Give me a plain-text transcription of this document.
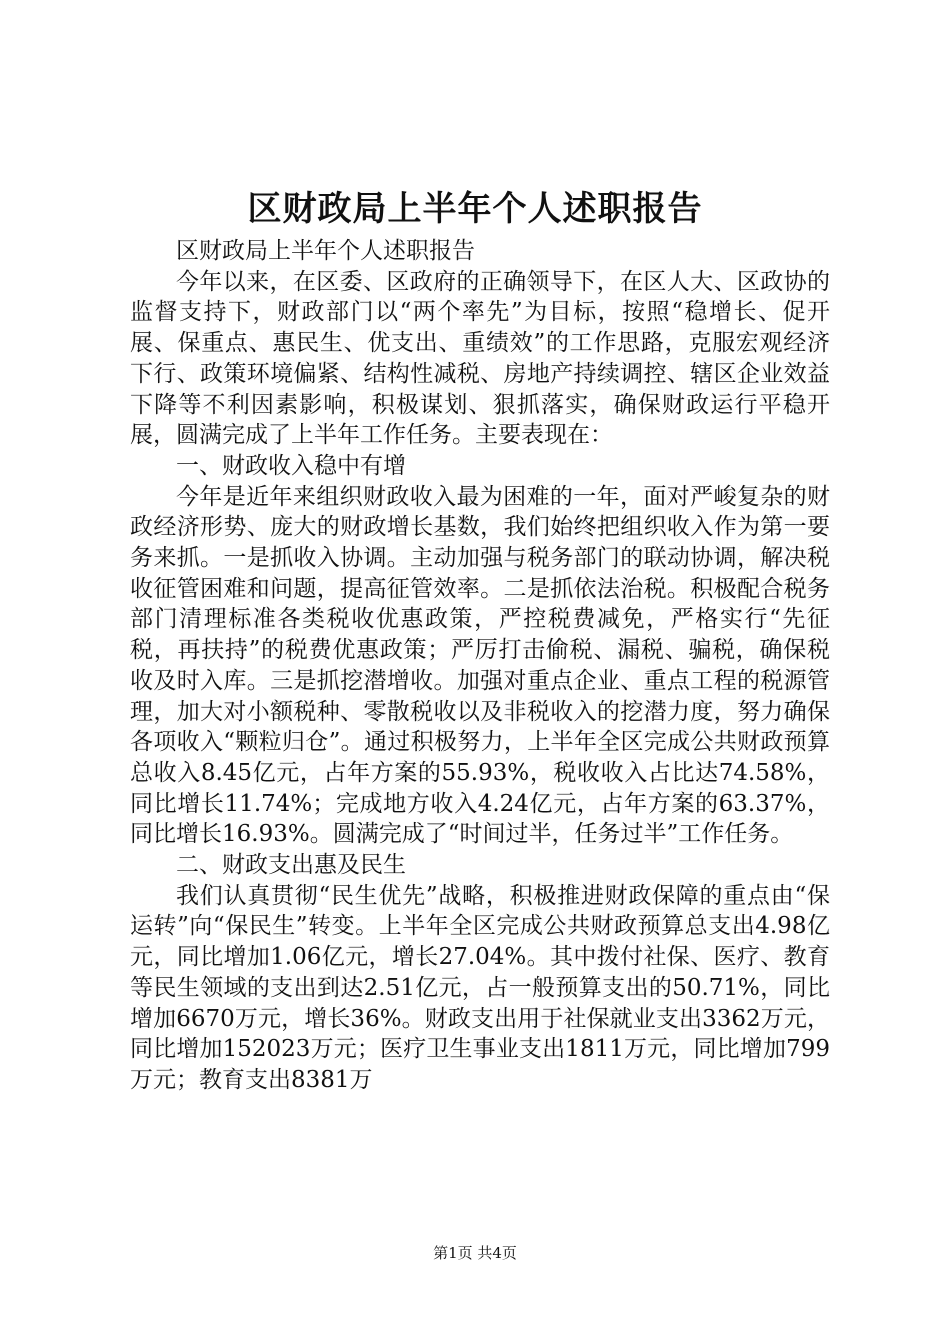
区财政局上半年个人述职报告

区财政局上半年个人述职报告

今年以来，在区委、区政府的正确领导下，在区人大、区政协的监督支持下，财政部门以“两个率先”为目标，按照“稳增长、促开展、保重点、惠民生、优支出、重绩效”的工作思路，克服宏观经济下行、政策环境偏紧、结构性减税、房地产持续调控、辖区企业效益下降等不利因素影响，积极谋划、狠抓落实，确保财政运行平稳开展，圆满完成了上半年工作任务。主要表现在：

一、财政收入稳中有增

今年是近年来组织财政收入最为困难的一年，面对严峻复杂的财政经济形势、庞大的财政增长基数，我们始终把组织收入作为第一要务来抓。一是抓收入协调。主动加强与税务部门的联动协调，解决税收征管困难和问题，提高征管效率。二是抓依法治税。积极配合税务部门清理标准各类税收优惠政策，严控税费减免，严格实行“先征税，再扶持”的税费优惠政策；严厉打击偷税、漏税、骗税，确保税收及时入库。三是抓挖潜增收。加强对重点企业、重点工程的税源管理，加大对小额税种、零散税收以及非税收入的挖潜力度，努力确保各项收入“颗粒归仓”。通过积极努力，上半年全区完成公共财政预算总收入8.45亿元，占年方案的55.93%，税收收入占比达74.58%，同比增长11.74%；完成地方收入4.24亿元，占年方案的63.37%，同比增长16.93%。圆满完成了“时间过半，任务过半”工作任务。

二、财政支出惠及民生

我们认真贯彻“民生优先”战略，积极推进财政保障的重点由“保运转”向“保民生”转变。上半年全区完成公共财政预算总支出4.98亿元，同比增加1.06亿元，增长27.04%。其中拨付社保、医疗、教育等民生领域的支出到达2.51亿元，占一般预算支出的50.71%，同比增加6670万元，增长36%。财政支出用于社保就业支出3362万元，同比增加152023万元；医疗卫生事业支出1811万元，同比增加799万元；教育支出8381万

第1页 共4页
